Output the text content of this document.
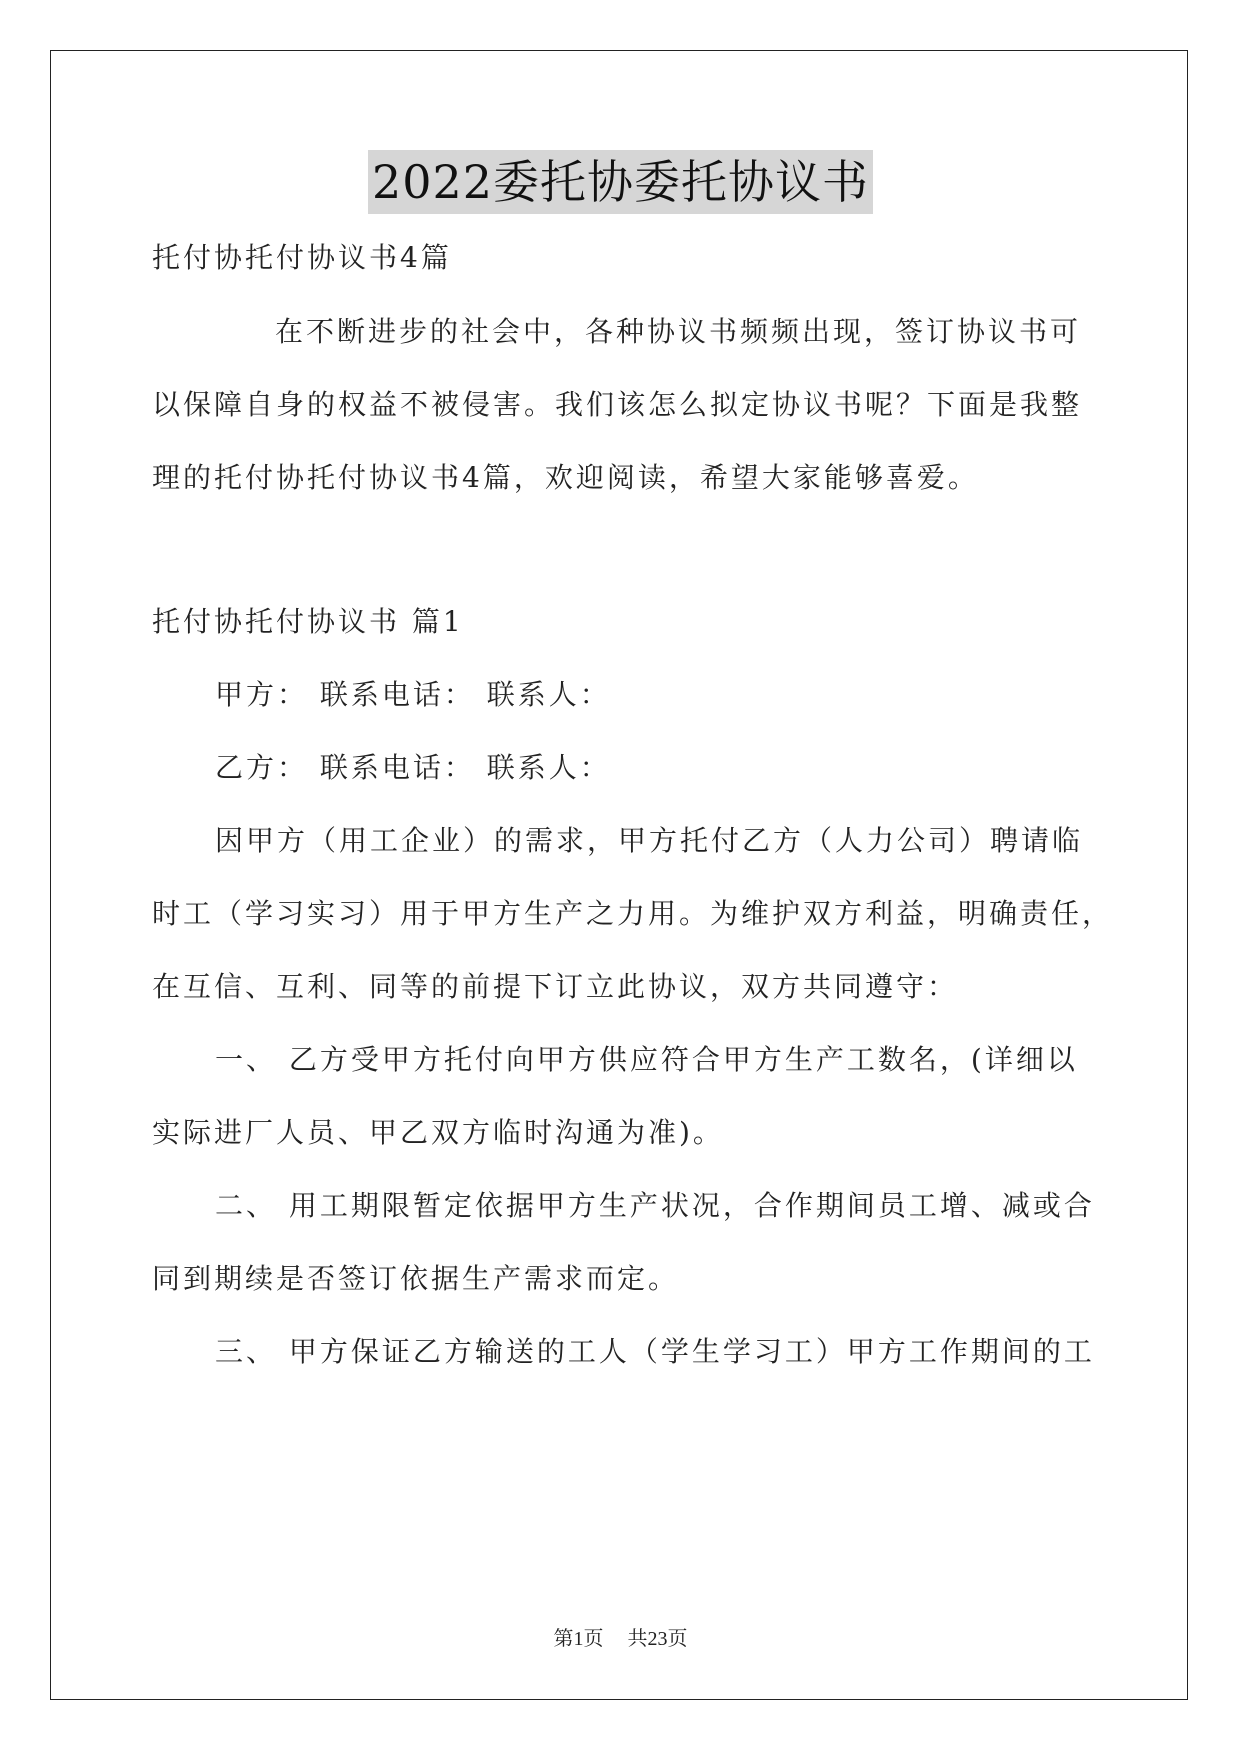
2022委托协委托协议书
托付协托付协议书4篇
在不断进步的社会中，各种协议书频频出现，签订协议书可
以保障自身的权益不被侵害。我们该怎么拟定协议书呢？下面是我整
理的托付协托付协议书4篇，欢迎阅读，希望大家能够喜爱。
托付协托付协议书 篇1
甲方： 联系电话： 联系人：
乙方： 联系电话： 联系人：
因甲方（用工企业）的需求，甲方托付乙方（人力公司）聘请临
时工（学习实习）用于甲方生产之力用。为维护双方利益，明确责任，
在互信、互利、同等的前提下订立此协议，双方共同遵守：
一、 乙方受甲方托付向甲方供应符合甲方生产工数名，(详细以
实际进厂人员、甲乙双方临时沟通为准)。
二、 用工期限暂定依据甲方生产状况，合作期间员工增、减或合
同到期续是否签订依据生产需求而定。
三、 甲方保证乙方输送的工人（学生学习工）甲方工作期间的工
第1页 共23页
